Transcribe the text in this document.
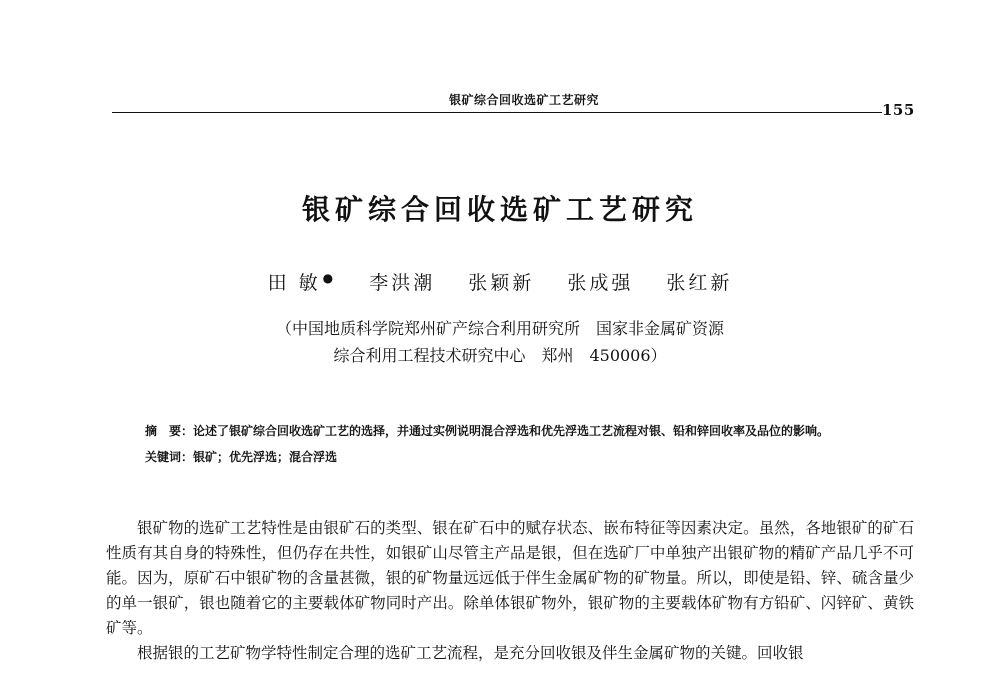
银矿综合回收选矿工艺研究
155
银矿综合回收选矿工艺研究
田 敏 ● 李洪潮 张颖新 张成强 张红新
（中国地质科学院郑州矿产综合利用研究所　国家非金属矿资源
综合利用工程技术研究中心　郑州　450006）

摘　要：论述了银矿综合回收选矿工艺的选择，并通过实例说明混合浮选和优先浮选工艺流程对银、铅和锌回收率及品位的影响。

关键词：银矿；优先浮选；混合浮选

银矿物的选矿工艺特性是由银矿石的类型、银在矿石中的赋存状态、嵌布特征等因素决定。虽然，各地银矿的矿石性质有其自身的特殊性，但仍存在共性，如银矿山尽管主产品是银，但在选矿厂中单独产出银矿物的精矿产品几乎不可能。因为，原矿石中银矿物的含量甚微，银的矿物量远远低于伴生金属矿物的矿物量。所以，即使是铅、锌、硫含量少的单一银矿，银也随着它的主要载体矿物同时产出。除单体银矿物外，银矿物的主要载体矿物有方铅矿、闪锌矿、黄铁矿等。

根据银的工艺矿物学特性制定合理的选矿工艺流程，是充分回收银及伴生金属矿物的关键。回收银
